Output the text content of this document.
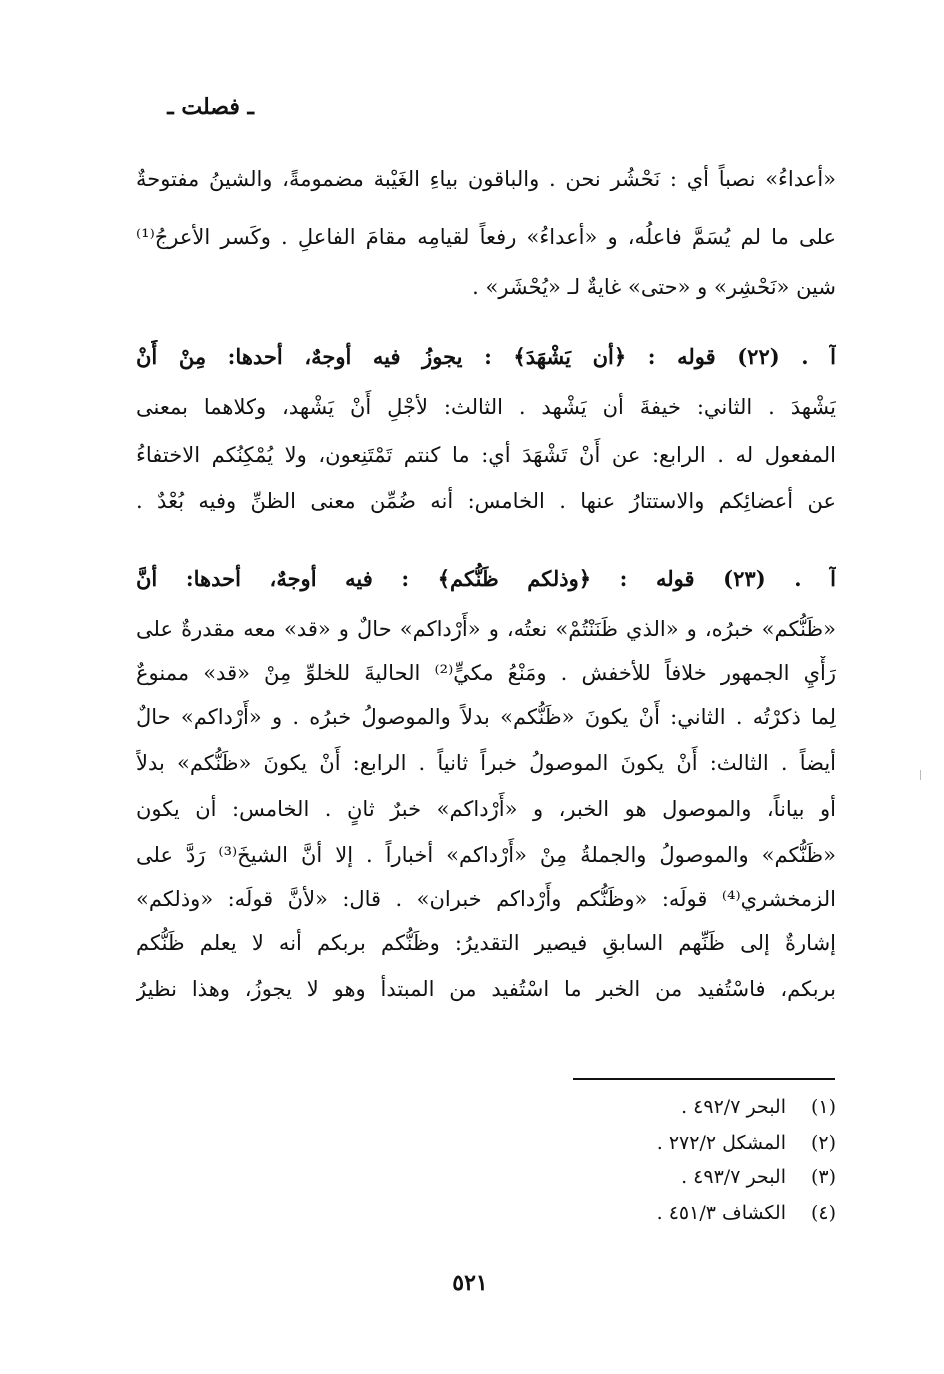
ـ فصلت ـ
«أعداءُ» نصباً أي : نَحْشُر نحن . والباقون بياءِ الغَيْبة مضمومةً، والشينُ مفتوحةٌ
على ما لم يُسَمَّ فاعلُه، و «أعداءُ» رفعاً لقيامِه مقامَ الفاعلِ . وكَسر الأعرجُ⁽¹⁾
شين «نَحْشِر» و «حتى» غايةٌ لـ «يُحْشَر» .
آ . (٢٢) قوله : ﴿أن يَشْهَدَ﴾ : يجوزُ فيه أوجهٌ، أحدها: مِنْ أَنْ
يَشْهدَ . الثاني: خيفةَ أن يَشْهد . الثالث: لأجْلِ أَنْ يَشْهد، وكلاهما بمعنى
المفعول له . الرابع: عن أَنْ تَشْهَدَ أي: ما كنتم تَمْتَنِعون، ولا يُمْكِنُكم الاختفاءُ
عن أعضائِكم والاستتارُ عنها . الخامس: أنه ضُمِّن معنى الظنِّ وفيه بُعْدٌ .
آ . (٢٣) قوله : ﴿وذلكم ظَنُّكم﴾ : فيه أوجهٌ، أحدها: أنَّ
«ظَنُّكم» خبرُه، و «الذي ظَنَنْتُمْ» نعتُه، و «أَرْداكم» حالٌ و «قد» معه مقدرةٌ على
رَأْيِ الجمهور خلافاً للأخفش . ومَنْعُ مكيٍّ⁽²⁾ الحاليةَ للخلوِّ مِنْ «قد» ممنوعٌ
لِما ذكرْتُه . الثاني: أَنْ يكونَ «ظَنُّكم» بدلاً والموصولُ خبرُه . و «أَرْداكم» حالٌ
أيضاً . الثالث: أَنْ يكونَ الموصولُ خبراً ثانياً . الرابع: أَنْ يكونَ «ظَنُّكم» بدلاً
أو بياناً، والموصول هو الخبر، و «أَرْداكم» خبرٌ ثانٍ . الخامس: أن يكون
«ظَنُّكم» والموصولُ والجملةُ مِنْ «أَرْداكم» أخباراً . إلا أنَّ الشيخَ⁽³⁾ رَدَّ على
الزمخشري⁽⁴⁾ قولَه: «وظَنُّكم وأَرْداكم خبران» . قال: «لأنَّ قولَه: «وذلكم»
إشارةٌ إلى ظَنِّهم السابقِ فيصير التقديرُ: وظَنُّكم بربكم أنه لا يعلم ظَنُّكم
بربكم، فاسْتُفيد من الخبر ما اسْتُفيد من المبتدأ وهو لا يجوزُ، وهذا نظيرُ
(١)البحر ٤٩٢/٧ .
(٢)المشكل ٢٧٢/٢ .
(٣)البحر ٤٩٣/٧ .
(٤)الكشاف ٤٥١/٣ .
٥٢١
